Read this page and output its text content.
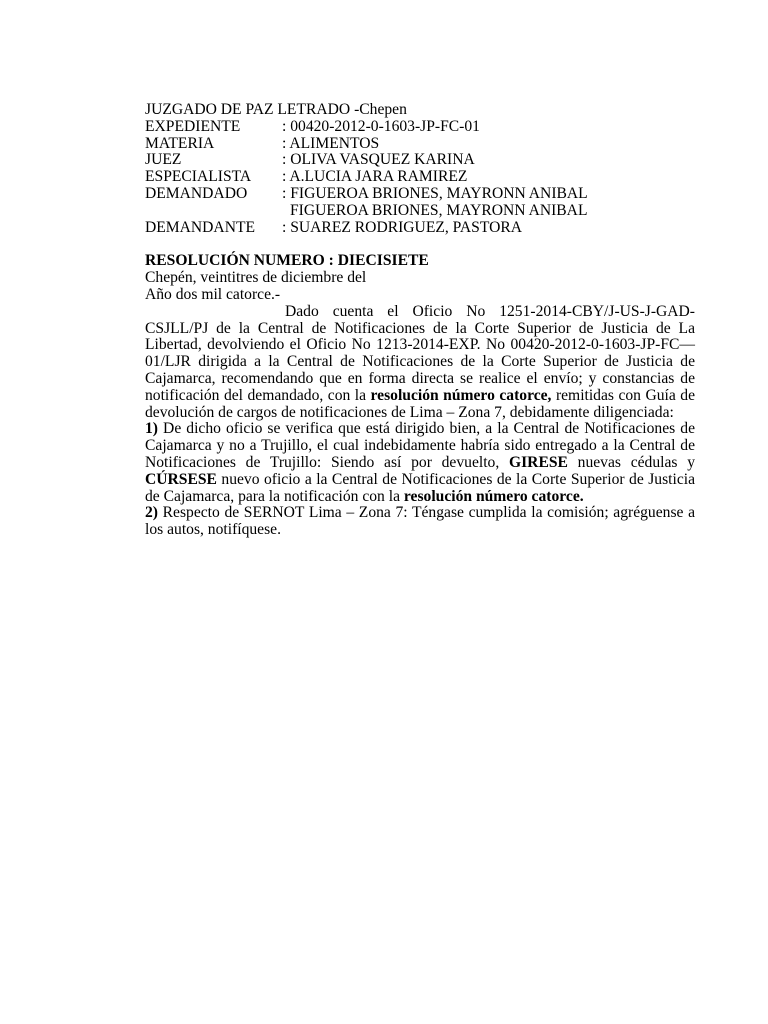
JUZGADO DE PAZ LETRADO -Chepen
EXPEDIENTE	: 00420-2012-0-1603-JP-FC-01
MATERIA	: ALIMENTOS
JUEZ	: OLIVA VASQUEZ KARINA
ESPECIALISTA	: A.LUCIA JARA RAMIREZ
DEMANDADO	: FIGUEROA BRIONES, MAYRONN ANIBAL
FIGUEROA BRIONES, MAYRONN ANIBAL
DEMANDANTE	: SUAREZ RODRIGUEZ, PASTORA
RESOLUCIÓN NUMERO : DIECISIETE
Chepén, veintitres de diciembre del
Año dos mil catorce.-
Dado cuenta el Oficio No 1251-2014-CBY/J-US-J-GAD-CSJLL/PJ de la Central de Notificaciones de la Corte Superior de Justicia de La Libertad, devolviendo el Oficio No 1213-2014-EXP. No 00420-2012-0-1603-JP-FC—01/LJR dirigida a la Central de Notificaciones de la Corte Superior de Justicia de Cajamarca, recomendando que en forma directa se realice el envío; y constancias de notificación del demandado, con la resolución número catorce, remitidas con Guía de devolución de cargos de notificaciones de Lima – Zona 7, debidamente diligenciada:
1) De dicho oficio se verifica que está dirigido bien, a la Central de Notificaciones de Cajamarca y no a Trujillo, el cual indebidamente habría sido entregado a la Central de Notificaciones de Trujillo: Siendo así por devuelto, GIRESE nuevas cédulas y CÚRSESE nuevo oficio a la Central de Notificaciones de la Corte Superior de Justicia de Cajamarca, para la notificación con la resolución número catorce.
2) Respecto de SERNOT Lima – Zona 7: Téngase cumplida la comisión; agréguense a los autos, notifíquese.
